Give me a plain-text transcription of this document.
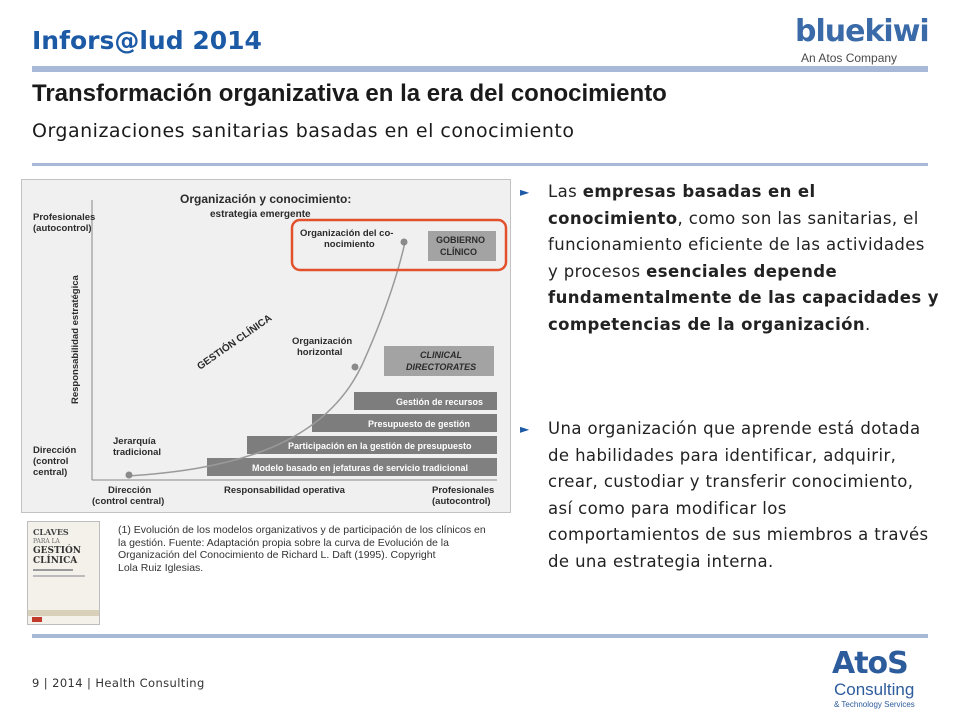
Infors@lud 2014	bluekiwi
An Atos Company
Transformación organizativa en la era del conocimiento
Organizaciones sanitarias basadas en el conocimiento
Organización y conocimiento:
estrategia emergente
Profesionales
(autocontrol)
Dirección
(control
central)
Responsabilidad estratégica
Dirección
(control central)
Responsabilidad operativa	Profesionales
(autocontrol)
Modelo basado en jefaturas de servicio tradicional
Participación en la gestión de presupuesto
Presupuesto de gestión
Gestión de recursos
Jerarquía
tradicional
Organización
horizontal
GESTIÓN CLÍNICA	CLINICAL
DIRECTORATES
Organización del co-
nocimiento	GOBIERNO
CLÍNICO
► Las empresas basadas en el conocimiento, como son las sanitarias, el funcionamiento eficiente de las actividades y procesos esenciales depende fundamentalmente de las capacidades y competencias de la organización.
► Una organización que aprende está dotada de habilidades para identificar, adquirir, crear, custodiar y transferir conocimiento, así como para modificar los comportamientos de sus miembros a través de una estrategia interna.
CLAVES
PARA LA
GESTIÓN
CLÍNICA
(1) Evolución de los modelos organizativos y de participación de los clínicos en
la gestión. Fuente: Adaptación propia sobre la curva de Evolución de la
Organización del Conocimiento de Richard L. Daft (1995). Copyright
Lola Ruiz Iglesias.
9 | 2014 | Health Consulting
AtoS
Consulting
& Technology Services
